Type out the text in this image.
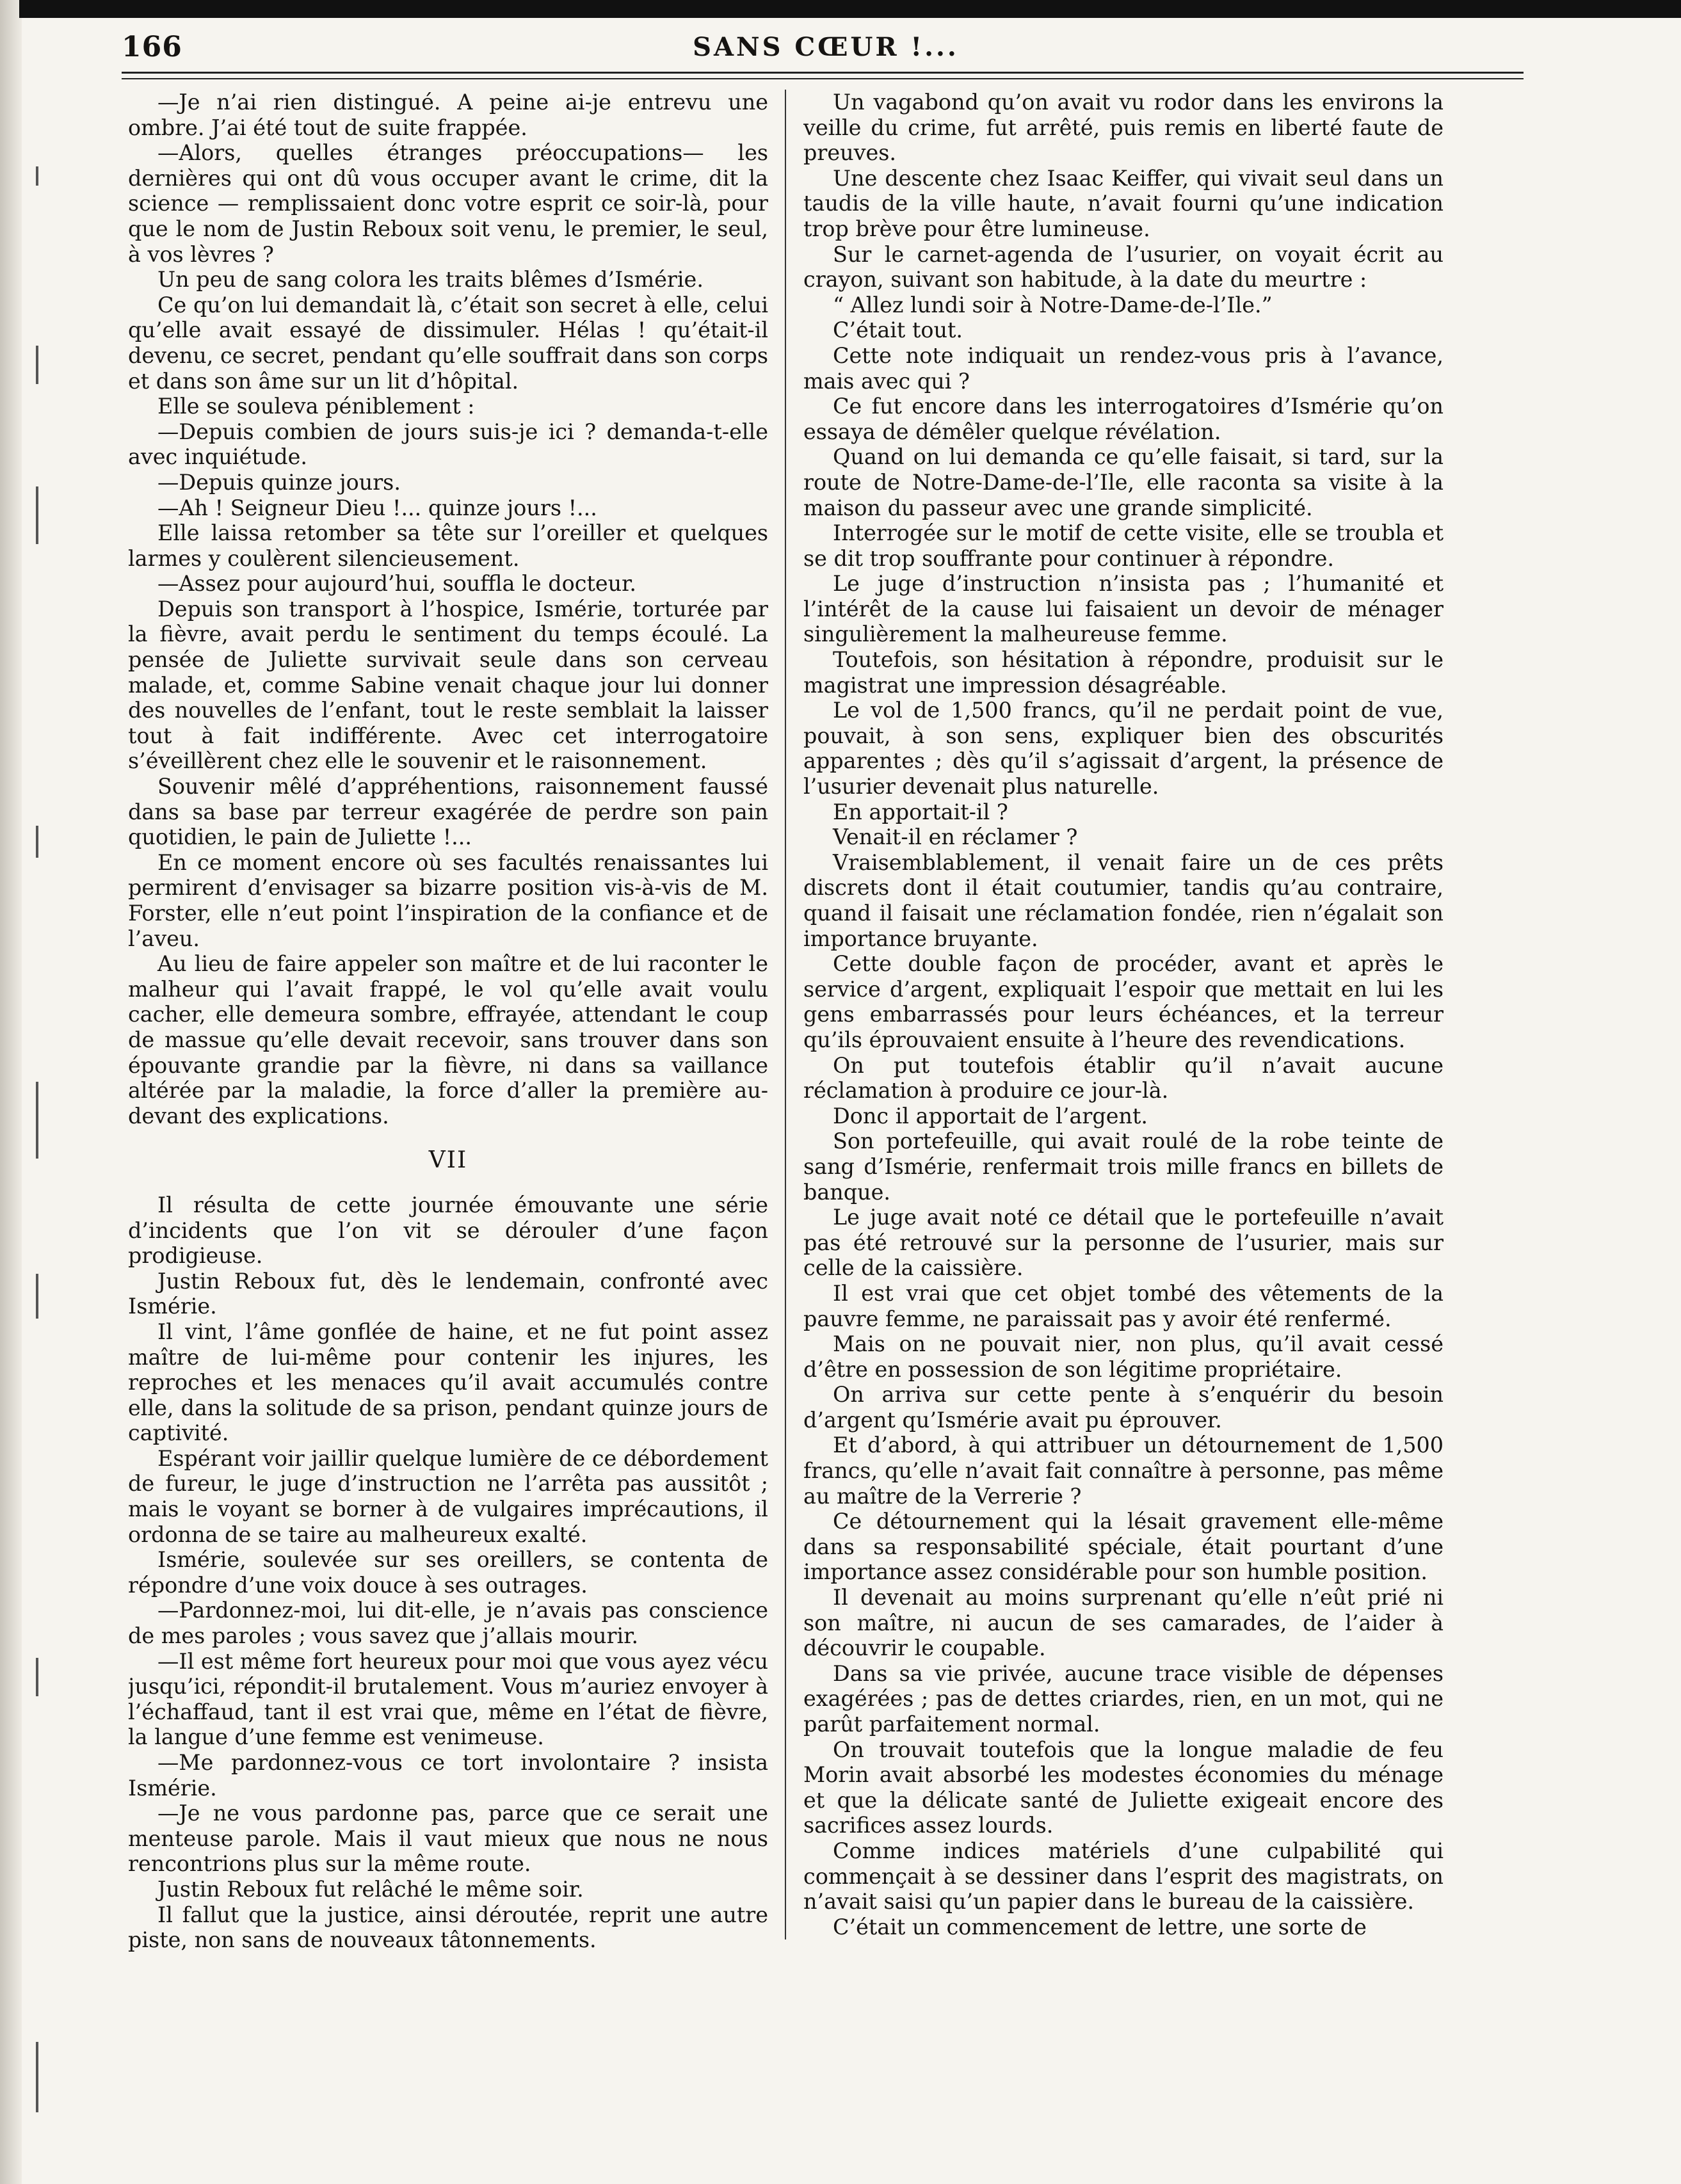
166	SANS CŒUR !...

—Je n’ai rien distingué. A peine ai-je entrevu une ombre. J’ai été tout de suite frappée.

—Alors, quelles étranges préoccupations— les dernières qui ont dû vous occuper avant le crime, dit la science — remplissaient donc votre esprit ce soir-là, pour que le nom de Justin Reboux soit venu, le premier, le seul, à vos lèvres ?

Un peu de sang colora les traits blêmes d’Ismérie.

Ce qu’on lui demandait là, c’était son secret à elle, celui qu’elle avait essayé de dissimuler. Hélas ! qu’était-il devenu, ce secret, pendant qu’elle souffrait dans son corps et dans son âme sur un lit d’hôpital.

Elle se souleva péniblement :

—Depuis combien de jours suis-je ici ? demanda-t-elle avec inquiétude.

—Depuis quinze jours.

—Ah ! Seigneur Dieu !... quinze jours !...

Elle laissa retomber sa tête sur l’oreiller et quelques larmes y coulèrent silencieusement.

—Assez pour aujourd’hui, souffla le docteur.

Depuis son transport à l’hospice, Ismérie, torturée par la fièvre, avait perdu le sentiment du temps écoulé. La pensée de Juliette survivait seule dans son cerveau malade, et, comme Sabine venait chaque jour lui donner des nouvelles de l’enfant, tout le reste semblait la laisser tout à fait indifférente. Avec cet interrogatoire s’éveillèrent chez elle le souvenir et le raisonnement.

Souvenir mêlé d’appréhentions, raisonnement faussé dans sa base par terreur exagérée de perdre son pain quotidien, le pain de Juliette !...

En ce moment encore où ses facultés renaissantes lui permirent d’envisager sa bizarre position vis-à-vis de M. Forster, elle n’eut point l’inspiration de la confiance et de l’aveu.

Au lieu de faire appeler son maître et de lui raconter le malheur qui l’avait frappé, le vol qu’elle avait voulu cacher, elle demeura sombre, effrayée, attendant le coup de massue qu’elle devait recevoir, sans trouver dans son épouvante grandie par la fièvre, ni dans sa vaillance altérée par la maladie, la force d’aller la première au-devant des explications.

VII

Il résulta de cette journée émouvante une série d’incidents que l’on vit se dérouler d’une façon prodigieuse.

Justin Reboux fut, dès le lendemain, confronté avec Ismérie.

Il vint, l’âme gonflée de haine, et ne fut point assez maître de lui-même pour contenir les injures, les reproches et les menaces qu’il avait accumulés contre elle, dans la solitude de sa prison, pendant quinze jours de captivité.

Espérant voir jaillir quelque lumière de ce débordement de fureur, le juge d’instruction ne l’arrêta pas aussitôt ; mais le voyant se borner à de vulgaires imprécautions, il ordonna de se taire au malheureux exalté.

Ismérie, soulevée sur ses oreillers, se contenta de répondre d’une voix douce à ses outrages.

—Pardonnez-moi, lui dit-elle, je n’avais pas conscience de mes paroles ; vous savez que j’allais mourir.

—Il est même fort heureux pour moi que vous ayez vécu jusqu’ici, répondit-il brutalement. Vous m’auriez envoyer à l’échaffaud, tant il est vrai que, même en l’état de fièvre, la langue d’une femme est venimeuse.

—Me pardonnez-vous ce tort involontaire ? insista Ismérie.

—Je ne vous pardonne pas, parce que ce serait une menteuse parole. Mais il vaut mieux que nous ne nous rencontrions plus sur la même route.

Justin Reboux fut relâché le même soir.

Il fallut que la justice, ainsi déroutée, reprit une autre piste, non sans de nouveaux tâtonnements.

Un vagabond qu’on avait vu rodor dans les environs la veille du crime, fut arrêté, puis remis en liberté faute de preuves.

Une descente chez Isaac Keiffer, qui vivait seul dans un taudis de la ville haute, n’avait fourni qu’une indication trop brève pour être lumineuse.

Sur le carnet-agenda de l’usurier, on voyait écrit au crayon, suivant son habitude, à la date du meurtre :

“ Allez lundi soir à Notre-Dame-de-l’Ile.”

C’était tout.

Cette note indiquait un rendez-vous pris à l’avance, mais avec qui ?

Ce fut encore dans les interrogatoires d’Ismérie qu’on essaya de démêler quelque révélation.

Quand on lui demanda ce qu’elle faisait, si tard, sur la route de Notre-Dame-de-l’Ile, elle raconta sa visite à la maison du passeur avec une grande simplicité.

Interrogée sur le motif de cette visite, elle se troubla et se dit trop souffrante pour continuer à répondre.

Le juge d’instruction n’insista pas ; l’humanité et l’intérêt de la cause lui faisaient un devoir de ménager singulièrement la malheureuse femme.

Toutefois, son hésitation à répondre, produisit sur le magistrat une impression désagréable.

Le vol de 1,500 francs, qu’il ne perdait point de vue, pouvait, à son sens, expliquer bien des obscurités apparentes ; dès qu’il s’agissait d’argent, la présence de l’usurier devenait plus naturelle.

En apportait-il ?

Venait-il en réclamer ?

Vraisemblablement, il venait faire un de ces prêts discrets dont il était coutumier, tandis qu’au contraire, quand il faisait une réclamation fondée, rien n’égalait son importance bruyante.

Cette double façon de procéder, avant et après le service d’argent, expliquait l’espoir que mettait en lui les gens embarrassés pour leurs échéances, et la terreur qu’ils éprouvaient ensuite à l’heure des revendications.

On put toutefois établir qu’il n’avait aucune réclamation à produire ce jour-là.

Donc il apportait de l’argent.

Son portefeuille, qui avait roulé de la robe teinte de sang d’Ismérie, renfermait trois mille francs en billets de banque.

Le juge avait noté ce détail que le portefeuille n’avait pas été retrouvé sur la personne de l’usurier, mais sur celle de la caissière.

Il est vrai que cet objet tombé des vêtements de la pauvre femme, ne paraissait pas y avoir été renfermé.

Mais on ne pouvait nier, non plus, qu’il avait cessé d’être en possession de son légitime propriétaire.

On arriva sur cette pente à s’enquérir du besoin d’argent qu’Ismérie avait pu éprouver.

Et d’abord, à qui attribuer un détournement de 1,500 francs, qu’elle n’avait fait connaître à personne, pas même au maître de la Verrerie ?

Ce détournement qui la lésait gravement elle-même dans sa responsabilité spéciale, était pourtant d’une importance assez considérable pour son humble position.

Il devenait au moins surprenant qu’elle n’eût prié ni son maître, ni aucun de ses camarades, de l’aider à découvrir le coupable.

Dans sa vie privée, aucune trace visible de dépenses exagérées ; pas de dettes criardes, rien, en un mot, qui ne parût parfaitement normal.

On trouvait toutefois que la longue maladie de feu Morin avait absorbé les modestes économies du ménage et que la délicate santé de Juliette exigeait encore des sacrifices assez lourds.

Comme indices matériels d’une culpabilité qui commençait à se dessiner dans l’esprit des magistrats, on n’avait saisi qu’un papier dans le bureau de la caissière.

C’était un commencement de lettre, une sorte de
